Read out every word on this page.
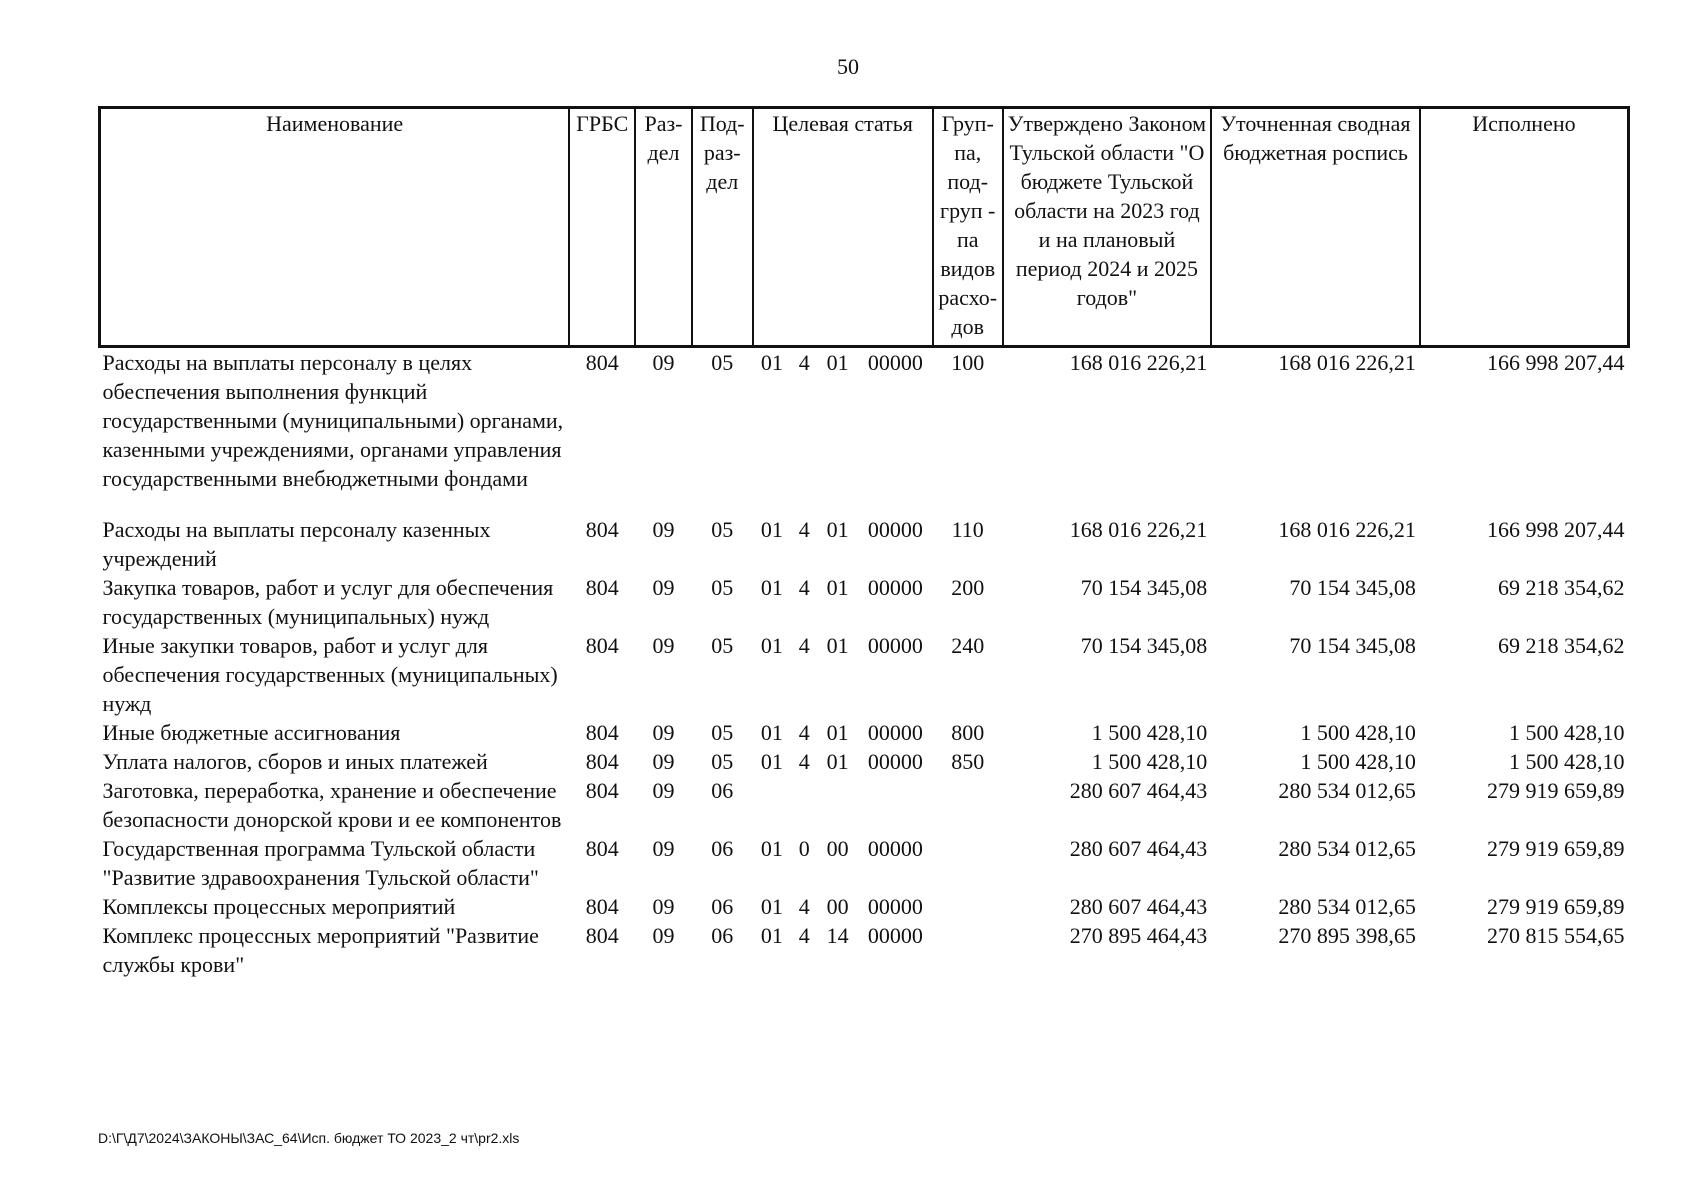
50
Наименование	ГРБС	Раз-дел	Под-раз-дел	Целевая статья				Груп-па, под-груп - па видов расхо-дов	Утверждено Законом Тульской области "О бюджете Тульской области на 2023 год и на плановый период 2024 и 2025 годов"	Уточненная сводная бюджетная роспись	Исполнено
Расходы на выплаты персоналу в целях обеспечения выполнения функций государственными (муниципальными) органами, казенными учреждениями, органами управления государственными внебюджетными фондами	804	09	05	01	4	01	00000	100	168 016 226,21	168 016 226,21	166 998 207,44

Расходы на выплаты персоналу казенных учреждений	804	09	05	01	4	01	00000	110	168 016 226,21	168 016 226,21	166 998 207,44
Закупка товаров, работ и услуг для обеспечения государственных (муниципальных) нужд	804	09	05	01	4	01	00000	200	70 154 345,08	70 154 345,08	69 218 354,62
Иные закупки товаров, работ и услуг для обеспечения государственных (муниципальных) нужд	804	09	05	01	4	01	00000	240	70 154 345,08	70 154 345,08	69 218 354,62
Иные бюджетные ассигнования	804	09	05	01	4	01	00000	800	1 500 428,10	1 500 428,10	1 500 428,10
Уплата налогов, сборов и иных платежей	804	09	05	01	4	01	00000	850	1 500 428,10	1 500 428,10	1 500 428,10
Заготовка, переработка, хранение и обеспечение безопасности донорской крови и ее компонентов	804	09	06						280 607 464,43	280 534 012,65	279 919 659,89
Государственная программа Тульской области "Развитие здравоохранения Тульской области"	804	09	06	01	0	00	00000		280 607 464,43	280 534 012,65	279 919 659,89
Комплексы процессных мероприятий	804	09	06	01	4	00	00000		280 607 464,43	280 534 012,65	279 919 659,89
Комплекс процессных мероприятий "Развитие службы крови"	804	09	06	01	4	14	00000		270 895 464,43	270 895 398,65	270 815 554,65
D:\Г\Д7\2024\ЗАКОНЫ\ЗАС_64\Исп. бюджет ТО 2023_2 чт\pr2.xls
